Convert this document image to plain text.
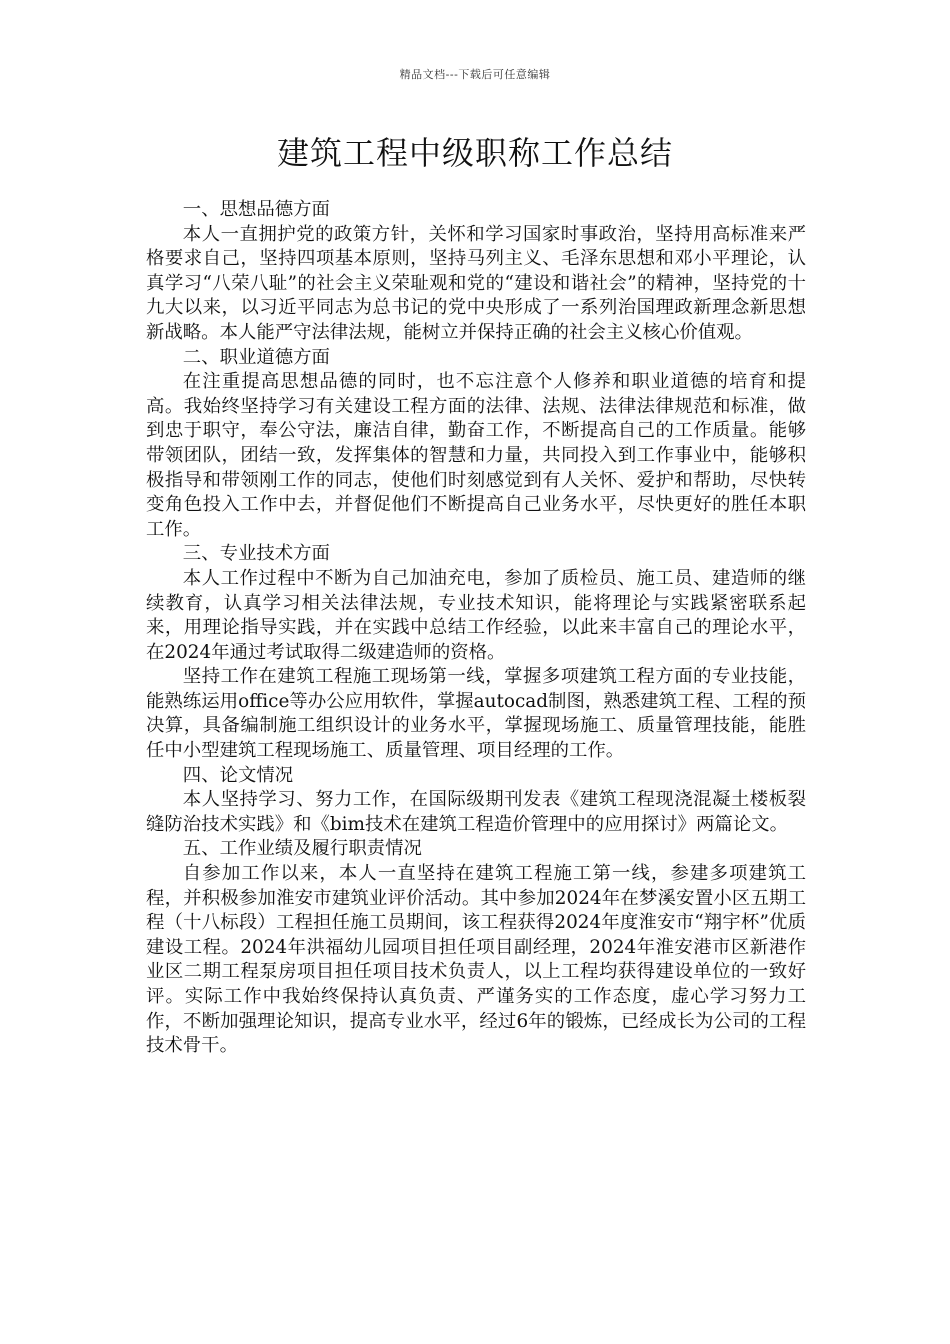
精品文档---下载后可任意编辑
建筑工程中级职称工作总结

一、思想品德方面

本人一直拥护党的政策方针，关怀和学习国家时事政治，坚持用高标准来严格要求自己，坚持四项基本原则，坚持马列主义、毛泽东思想和邓小平理论，认真学习“八荣八耻”的社会主义荣耻观和党的“建设和谐社会”的精神，坚持党的十九大以来，以习近平同志为总书记的党中央形成了一系列治国理政新理念新思想新战略。本人能严守法律法规，能树立并保持正确的社会主义核心价值观。

二、职业道德方面

在注重提高思想品德的同时，也不忘注意个人修养和职业道德的培育和提高。我始终坚持学习有关建设工程方面的法律、法规、法律法律规范和标准，做到忠于职守，奉公守法，廉洁自律，勤奋工作，不断提高自己的工作质量。能够带领团队，团结一致，发挥集体的智慧和力量，共同投入到工作事业中，能够积极指导和带领刚工作的同志，使他们时刻感觉到有人关怀、爱护和帮助，尽快转变角色投入工作中去，并督促他们不断提高自己业务水平，尽快更好的胜任本职工作。

三、专业技术方面

本人工作过程中不断为自己加油充电，参加了质检员、施工员、建造师的继续教育，认真学习相关法律法规，专业技术知识，能将理论与实践紧密联系起来，用理论指导实践，并在实践中总结工作经验，以此来丰富自己的理论水平，在2024年通过考试取得二级建造师的资格。

坚持工作在建筑工程施工现场第一线，掌握多项建筑工程方面的专业技能，能熟练运用office等办公应用软件，掌握autocad制图，熟悉建筑工程、工程的预决算，具备编制施工组织设计的业务水平，掌握现场施工、质量管理技能，能胜任中小型建筑工程现场施工、质量管理、项目经理的工作。

四、论文情况

本人坚持学习、努力工作，在国际级期刊发表《建筑工程现浇混凝土楼板裂缝防治技术实践》和《bim技术在建筑工程造价管理中的应用探讨》两篇论文。

五、工作业绩及履行职责情况

自参加工作以来，本人一直坚持在建筑工程施工第一线，参建多项建筑工程，并积极参加淮安市建筑业评价活动。其中参加2024年在梦溪安置小区五期工程（十八标段）工程担任施工员期间，该工程获得2024年度淮安市“翔宇杯”优质建设工程。2024年洪福幼儿园项目担任项目副经理，2024年淮安港市区新港作业区二期工程泵房项目担任项目技术负责人，以上工程均获得建设单位的一致好评。实际工作中我始终保持认真负责、严谨务实的工作态度，虚心学习努力工作，不断加强理论知识，提高专业水平，经过6年的锻炼，已经成长为公司的工程技术骨干。
